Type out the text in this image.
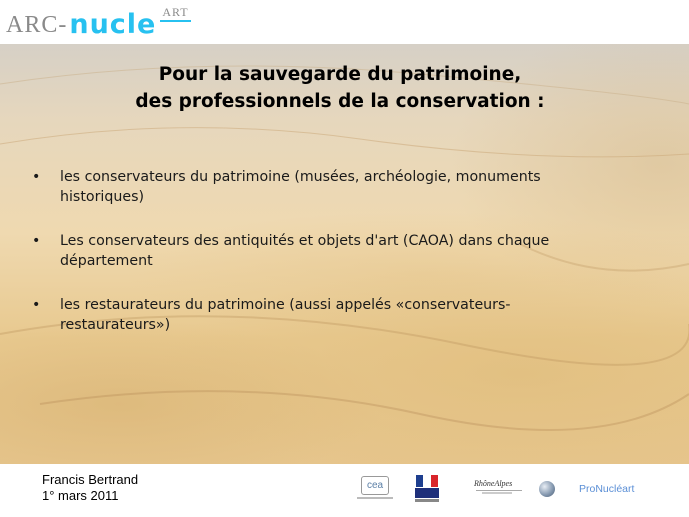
ARC- nucle ART
Pour la sauvegarde du patrimoine,
des professionnels de la conservation :
• les conservateurs du patrimoine (musées, archéologie, monuments
historiques)
• Les conservateurs des antiquités et objets d'art (CAOA) dans chaque
département
• les restaurateurs du patrimoine (aussi appelés «conservateurs-
restaurateurs»)
Francis Bertrand
1° mars 2011
cea	RhôneAlpes	ProNucléart
